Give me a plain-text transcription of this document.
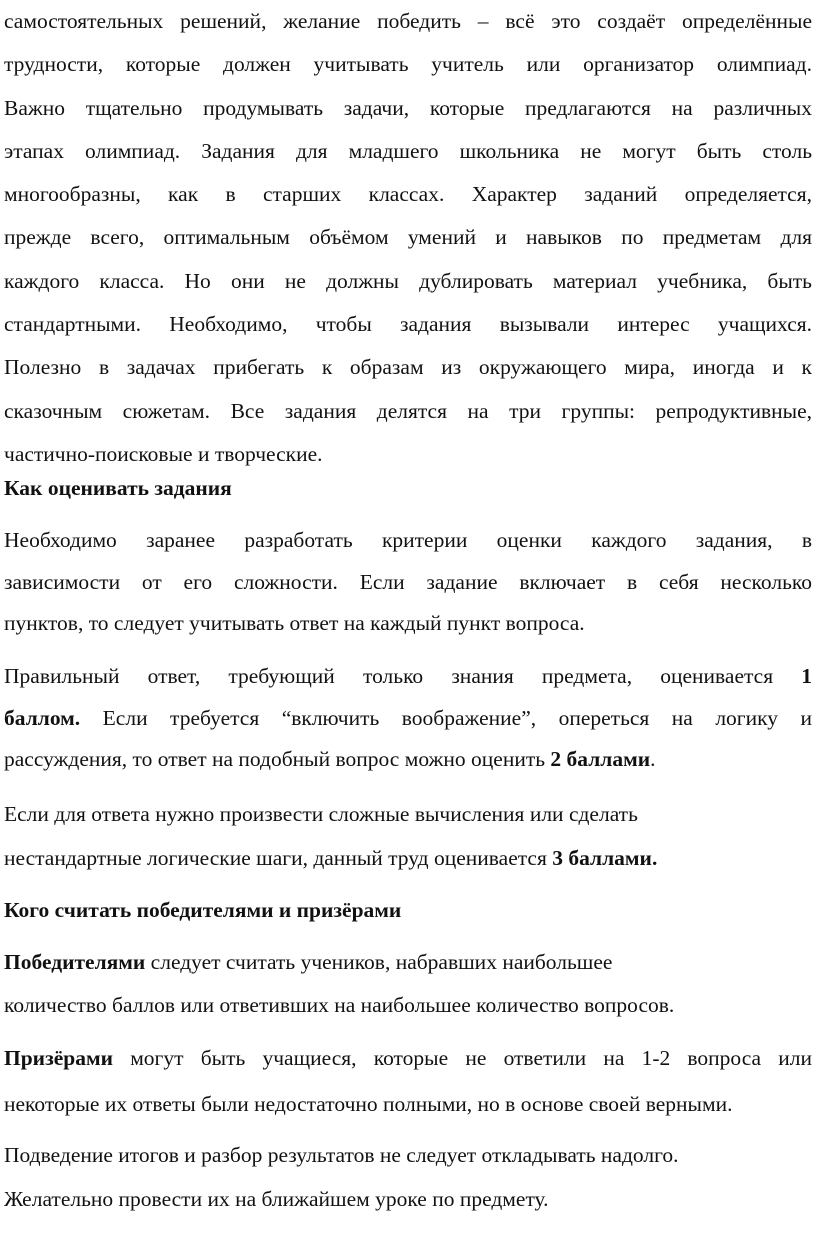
самостоятельных решений, желание победить – всё это создаёт определённые
трудности, которые должен учитывать учитель или организатор олимпиад.
Важно тщательно продумывать задачи, которые предлагаются на различных
этапах олимпиад. Задания для младшего школьника не могут быть столь
многообразны, как в старших классах. Характер заданий определяется,
прежде всего, оптимальным объёмом умений и навыков по предметам для
каждого класса. Но они не должны дублировать материал учебника, быть
стандартными. Необходимо, чтобы задания вызывали интерес учащихся.
Полезно в задачах прибегать к образам из окружающего мира, иногда и к
сказочным сюжетам. Все задания делятся на три группы: репродуктивные,
частично-поисковые и творческие.

Как оценивать задания

Необходимо заранее разработать критерии оценки каждого задания, в
зависимости от его сложности. Если задание включает в себя несколько
пунктов, то следует учитывать ответ на каждый пункт вопроса.

Правильный ответ, требующий только знания предмета, оценивается 1
баллом. Если требуется “включить воображение”, опереться на логику и
рассуждения, то ответ на подобный вопрос можно оценить 2 баллами.

Если для ответа нужно произвести сложные вычисления или сделать
нестандартные логические шаги, данный труд оценивается 3 баллами.

Кого считать победителями и призёрами

Победителями следует считать учеников, набравших наибольшее
количество баллов или ответивших на наибольшее количество вопросов.

Призёрами могут быть учащиеся, которые не ответили на 1-2 вопроса или
некоторые их ответы были недостаточно полными, но в основе своей верными.

Подведение итогов и разбор результатов не следует откладывать надолго.
Желательно провести их на ближайшем уроке по предмету.
